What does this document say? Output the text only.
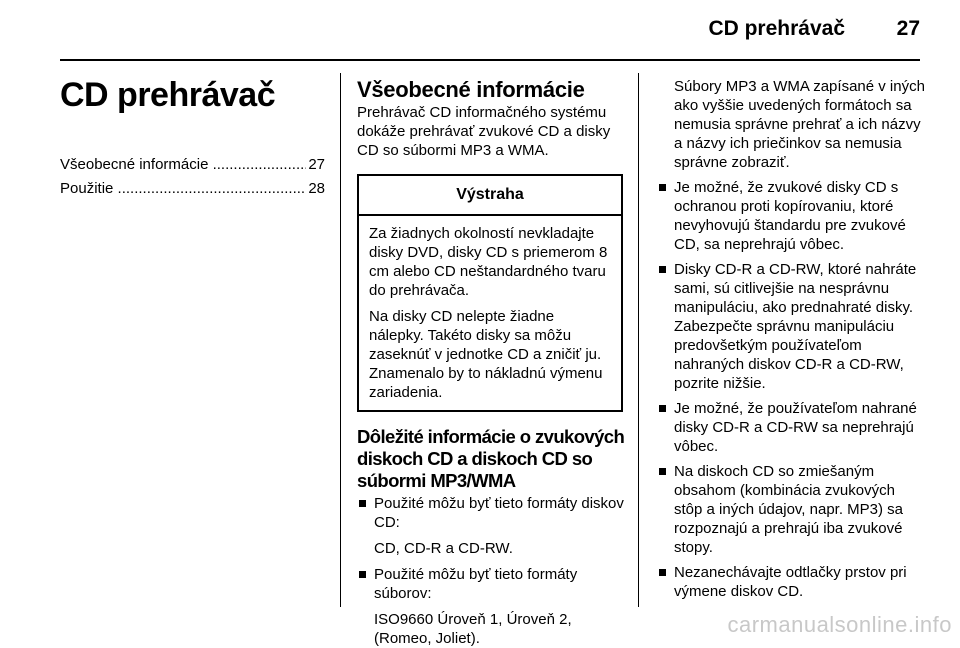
CD prehrávač 27
CD prehrávač
Všeobecné informácie .....	27
Použitie .....	28
Všeobecné informácie

Prehrávač CD informačného systému dokáže prehrávať zvukové CD a disky CD so súbormi MP3 a WMA.

Výstraha

Za žiadnych okolností nevkladajte disky DVD, disky CD s priemerom 8 cm alebo CD neštandardného tvaru do prehrávača.

Na disky CD nelepte žiadne nálepky. Takéto disky sa môžu zaseknúť v jednotke CD a zničiť ju. Znamenalo by to nákladnú výmenu zariadenia.

Dôležité informácie o zvukových diskoch CD a diskoch CD so súbormi MP3/WMA

Použité môžu byť tieto formáty diskov CD:

CD, CD-R a CD-RW.

Použité môžu byť tieto formáty súborov:

ISO9660 Úroveň 1, Úroveň 2, (Romeo, Joliet).

Súbory MP3 a WMA zapísané v iných ako vyššie uvedených formátoch sa nemusia správne prehrať a ich názvy a názvy ich priečinkov sa nemusia správne zobraziť.

Je možné, že zvukové disky CD s ochranou proti kopírovaniu, ktoré nevyhovujú štandardu pre zvukové CD, sa neprehrajú vôbec.

Disky CD-R a CD-RW, ktoré nahráte sami, sú citlivejšie na nesprávnu manipuláciu, ako prednahraté disky. Zabezpečte správnu manipuláciu predovšetkým používateľom nahraných diskov CD-R a CD-RW, pozrite nižšie.

Je možné, že používateľom nahrané disky CD-R a CD-RW sa neprehrajú vôbec.

Na diskoch CD so zmiešaným obsahom (kombinácia zvukových stôp a iných údajov, napr. MP3) sa rozpoznajú a prehrajú iba zvukové stopy.

Nezanechávajte odtlačky prstov pri výmene diskov CD.

carmanualsonline.info
